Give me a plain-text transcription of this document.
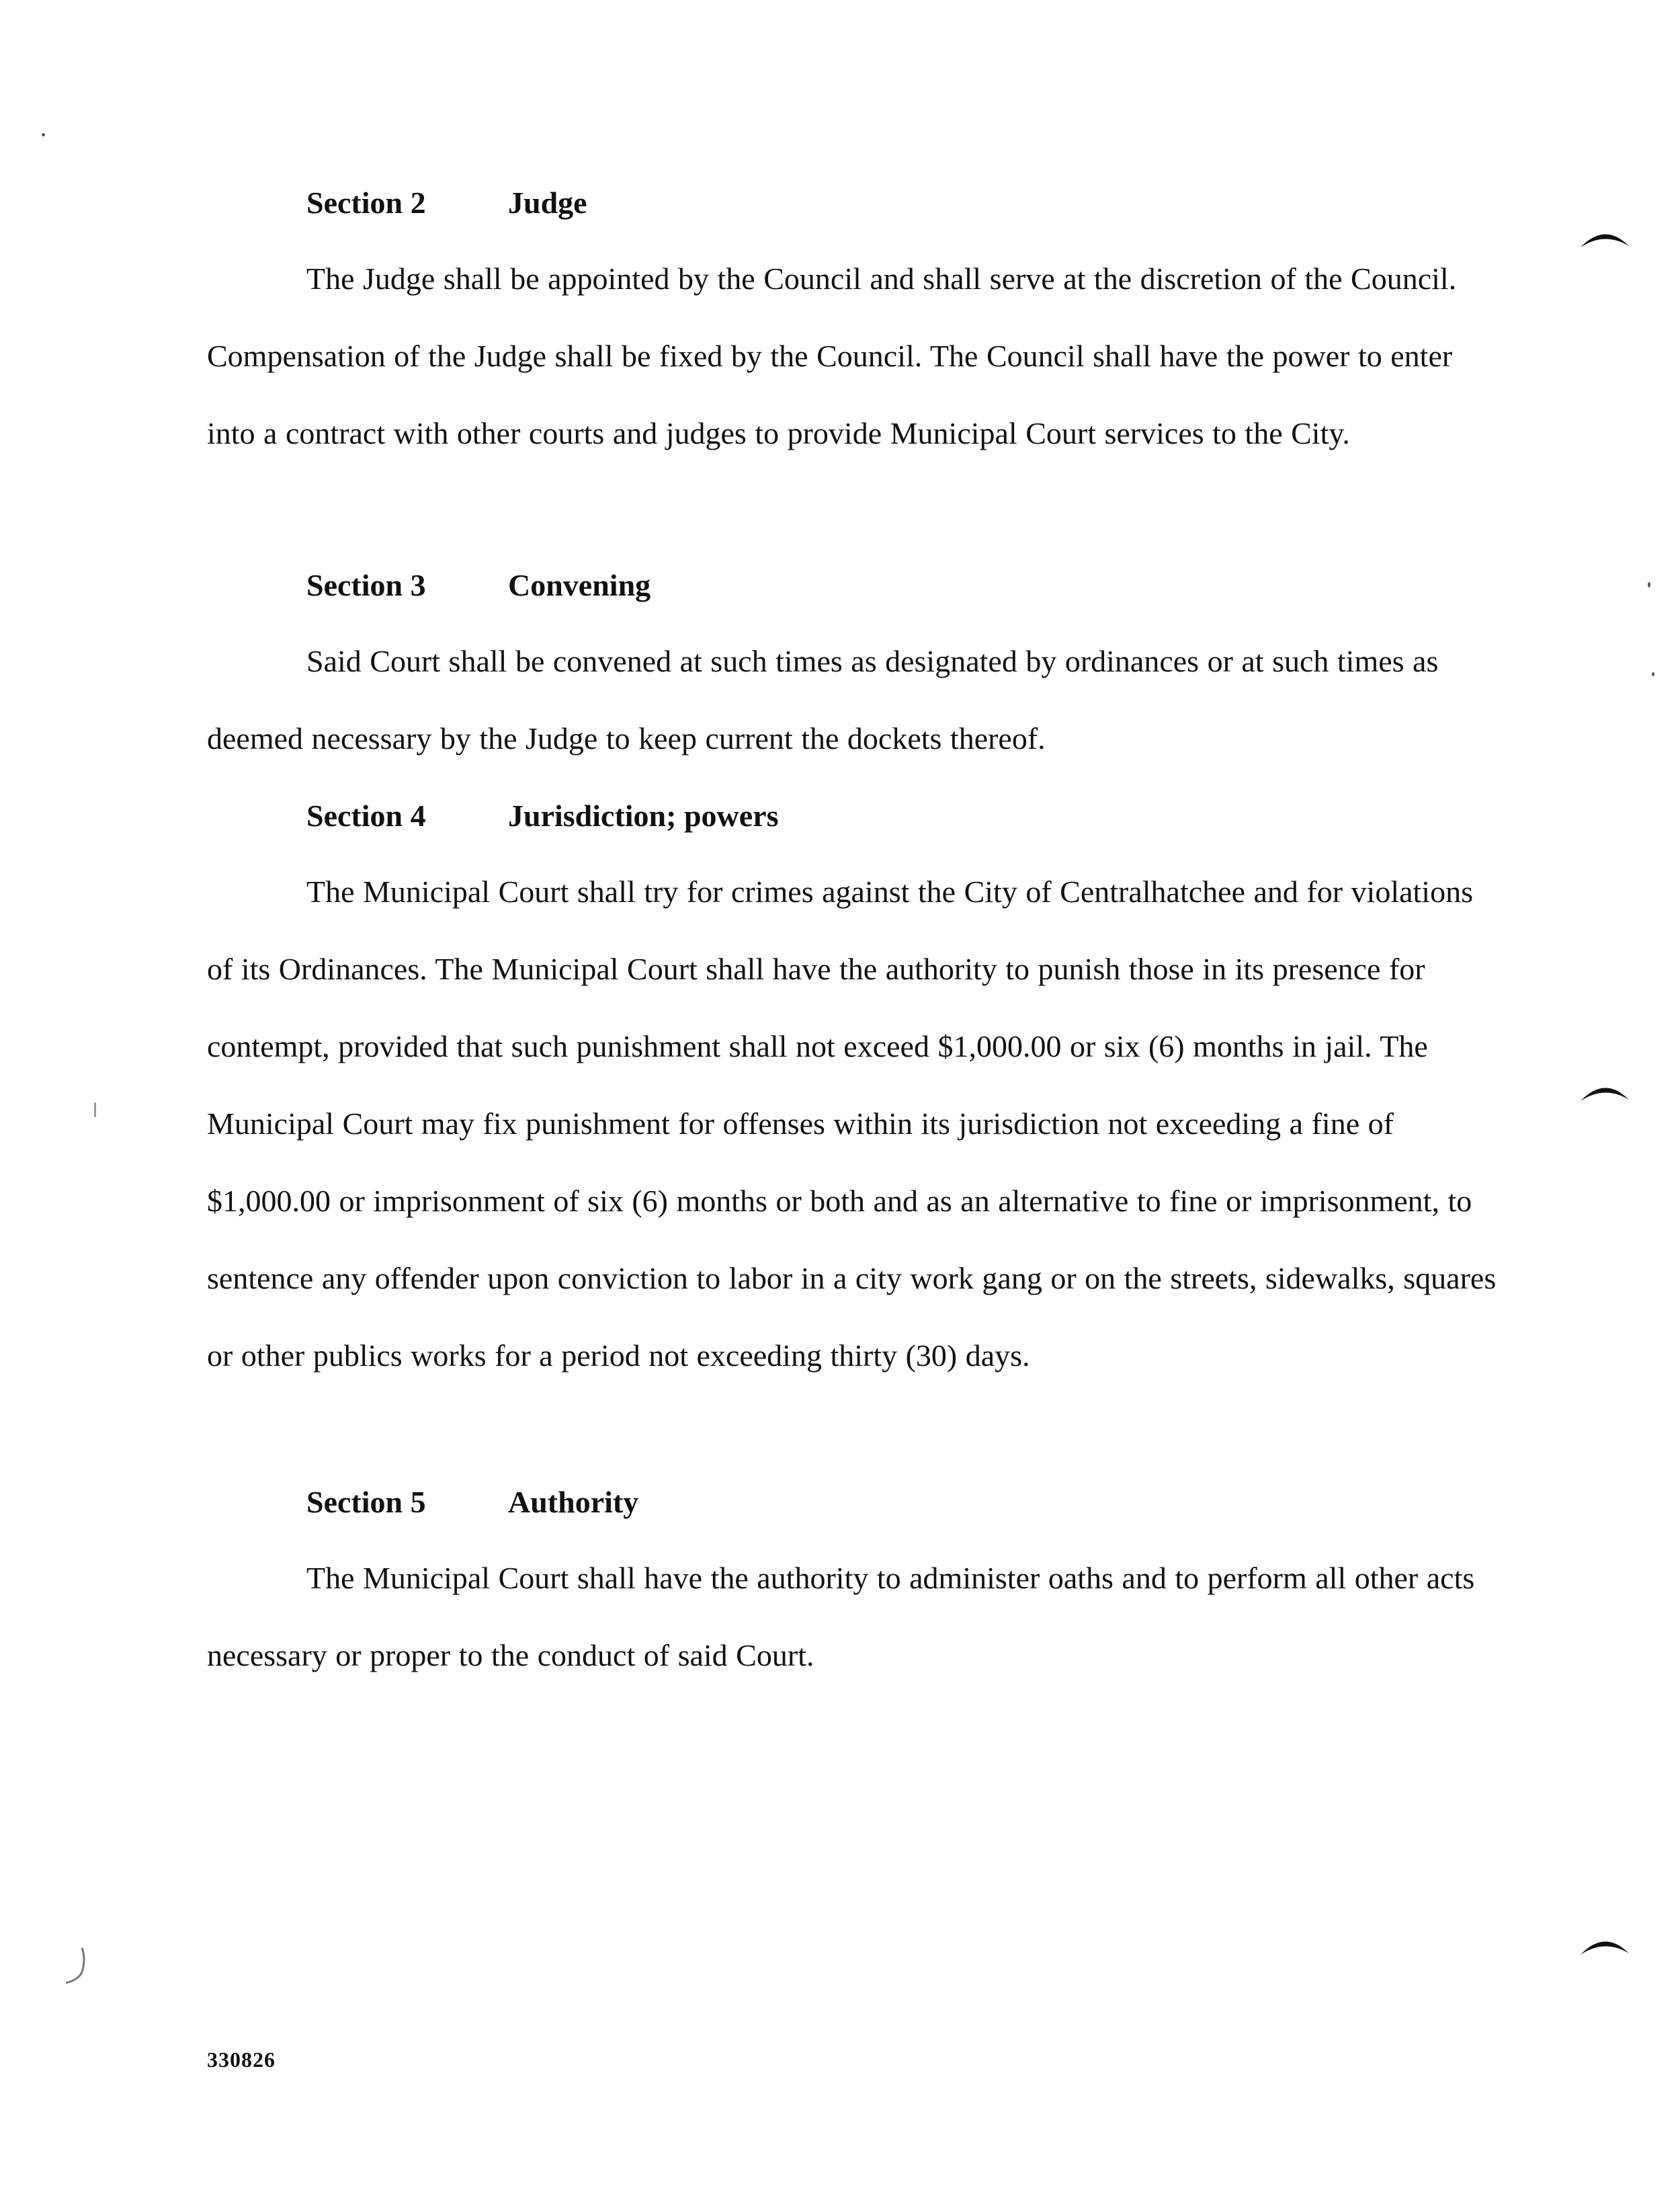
Section 2	Judge

The Judge shall be appointed by the Council and shall serve at the discretion of the Council. Compensation of the Judge shall be fixed by the Council. The Council shall have the power to enter into a contract with other courts and judges to provide Municipal Court services to the City.

Section 3	Convening

Said Court shall be convened at such times as designated by ordinances or at such times as deemed necessary by the Judge to keep current the dockets thereof.

Section 4	Jurisdiction; powers

The Municipal Court shall try for crimes against the City of Centralhatchee and for violations of its Ordinances. The Municipal Court shall have the authority to punish those in its presence for contempt, provided that such punishment shall not exceed $1,000.00 or six (6) months in jail. The Municipal Court may fix punishment for offenses within its jurisdiction not exceeding a fine of $1,000.00 or imprisonment of six (6) months or both and as an alternative to fine or imprisonment, to sentence any offender upon conviction to labor in a city work gang or on the streets, sidewalks, squares or other publics works for a period not exceeding thirty (30) days.

Section 5	Authority

The Municipal Court shall have the authority to administer oaths and to perform all other acts necessary or proper to the conduct of said Court.

330826
